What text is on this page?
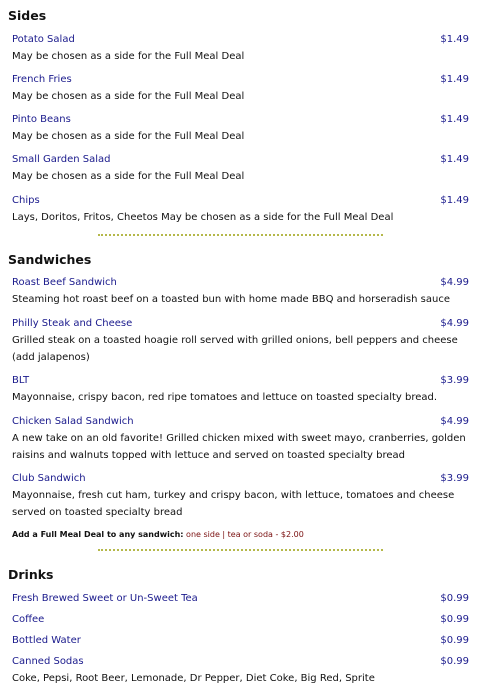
Sides
Potato Salad	$1.49
May be chosen as a side for the Full Meal Deal
French Fries	$1.49
May be chosen as a side for the Full Meal Deal
Pinto Beans	$1.49
May be chosen as a side for the Full Meal Deal
Small Garden Salad	$1.49
May be chosen as a side for the Full Meal Deal
Chips	$1.49
Lays, Doritos, Fritos, Cheetos May be chosen as a side for the Full Meal Deal
Sandwiches
Roast Beef Sandwich	$4.99
Steaming hot roast beef on a toasted bun with home made BBQ and horseradish sauce
Philly Steak and Cheese	$4.99
Grilled steak on a toasted hoagie roll served with grilled onions, bell peppers and cheese (add jalapenos)
BLT	$3.99
Mayonnaise, crispy bacon, red ripe tomatoes and lettuce on toasted specialty bread.
Chicken Salad Sandwich	$4.99
A new take on an old favorite! Grilled chicken mixed with sweet mayo, cranberries, golden raisins and walnuts topped with lettuce and served on toasted specialty bread
Club Sandwich	$3.99
Mayonnaise, fresh cut ham, turkey and crispy bacon, with lettuce, tomatoes and cheese served on toasted specialty bread
Add a Full Meal Deal to any sandwich: one side | tea or soda - $2.00
Drinks
Fresh Brewed Sweet or Un-Sweet Tea	$0.99
Coffee	$0.99
Bottled Water	$0.99
Canned Sodas	$0.99
Coke, Pepsi, Root Beer, Lemonade, Dr Pepper, Diet Coke, Big Red, Sprite
